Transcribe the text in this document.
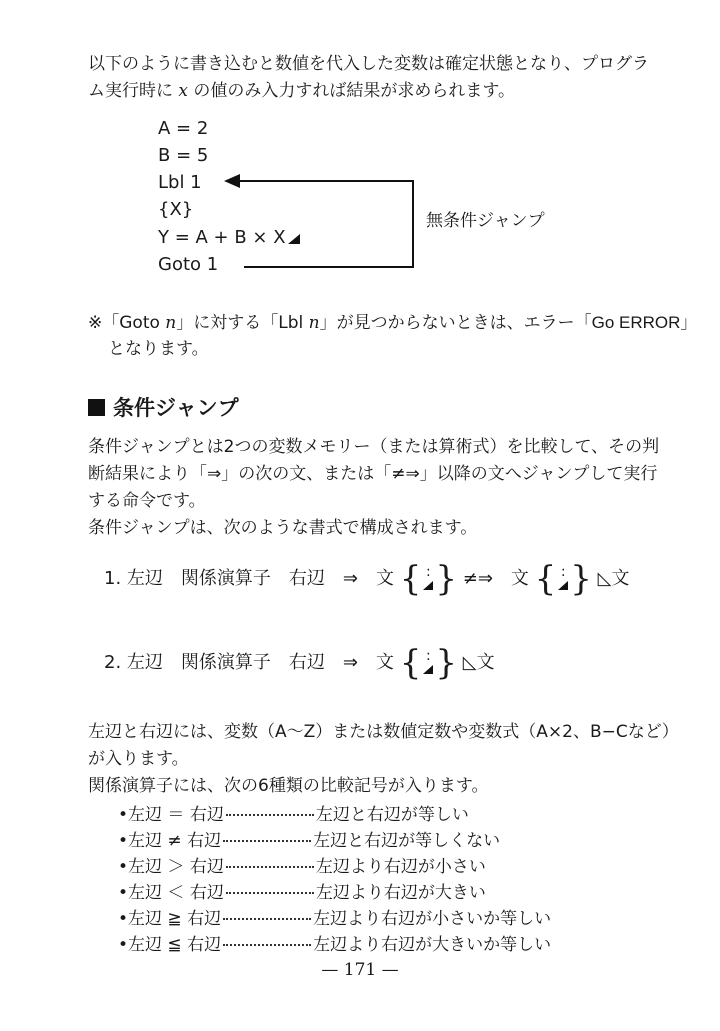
以下のように書き込むと数値を代入した変数は確定状態となり、プログラ
ム実行時に x の値のみ入力すれば結果が求められます。
A = 2
B = 5
Lbl 1
{X}
Y = A + B × X
Goto 1
無条件ジャンプ
※「Goto n」に対する「Lbl n」が見つからないときは、エラー「Go ERROR」
となります。
条件ジャンプ
条件ジャンプとは2つの変数メモリー（または算術式）を比較して、その判
断結果により「⇒」の次の文、または「≠⇒」以降の文へジャンプして実行
する命令です。
条件ジャンプは、次のような書式で構成されます。
1. 左辺　関係演算子　右辺　⇒　文 { : } ≠⇒　文 { : } ◺文
2. 左辺　関係演算子　右辺　⇒　文 { : } ◺文
左辺と右辺には、変数（A〜Z）または数値定数や変数式（A×2、B−Cなど）
が入ります。
関係演算子には、次の6種類の比較記号が入ります。
•左辺 ＝ 右辺	左辺と右辺が等しい
•左辺 ≠ 右辺	左辺と右辺が等しくない
•左辺 ＞ 右辺	左辺より右辺が小さい
•左辺 ＜ 右辺	左辺より右辺が大きい
•左辺 ≧ 右辺	左辺より右辺が小さいか等しい
•左辺 ≦ 右辺	左辺より右辺が大きいか等しい
— 171 —
